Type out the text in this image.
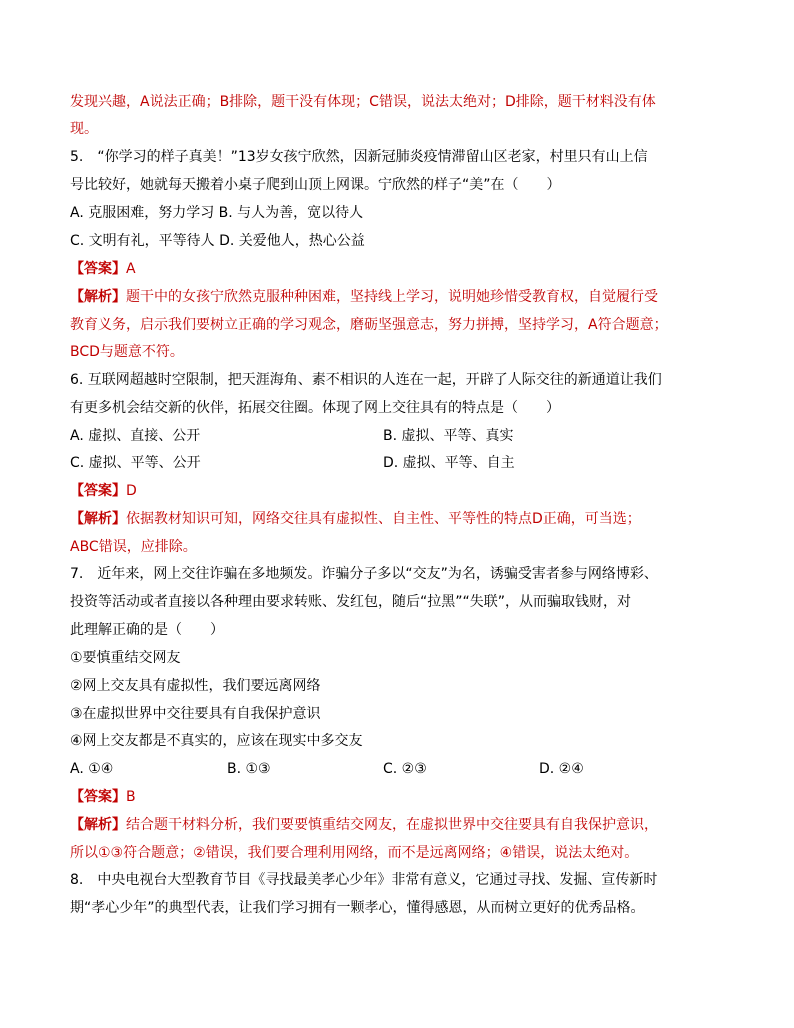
发现兴趣，A说法正确；B排除，题干没有体现；C错误，说法太绝对；D排除，题干材料没有体
现。
5.　“你学习的样子真美！”13岁女孩宁欣然，因新冠肺炎疫情滞留山区老家，村里只有山上信
号比较好，她就每天搬着小桌子爬到山顶上网课。宁欣然的样子“美”在（　　）
A. 克服困难，努力学习 B. 与人为善，宽以待人
C. 文明有礼，平等待人 D. 关爱他人，热心公益
【答案】A
【解析】题干中的女孩宁欣然克服种种困难，坚持线上学习，说明她珍惜受教育权，自觉履行受
教育义务，启示我们要树立正确的学习观念，磨砺坚强意志，努力拼搏，坚持学习，A符合题意；
BCD与题意不符。
6. 互联网超越时空限制，把天涯海角、素不相识的人连在一起，开辟了人际交往的新通道让我们
有更多机会结交新的伙伴，拓展交往圈。体现了网上交往具有的特点是（　　）
A. 虚拟、直接、公开	B. 虚拟、平等、真实
C. 虚拟、平等、公开	D. 虚拟、平等、自主
【答案】D
【解析】依据教材知识可知，网络交往具有虚拟性、自主性、平等性的特点D正确，可当选；
ABC错误，应排除。
7.　近年来，网上交往诈骗在多地频发。诈骗分子多以“交友”为名，诱骗受害者参与网络博彩、
投资等活动或者直接以各种理由要求转账、发红包，随后“拉黑”“失联”，从而骗取钱财，对
此理解正确的是（　　）
①要慎重结交网友
②网上交友具有虚拟性，我们要远离网络
③在虚拟世界中交往要具有自我保护意识
④网上交友都是不真实的，应该在现实中多交友
A. ①④	B. ①③	C. ②③	D. ②④
【答案】B
【解析】结合题干材料分析，我们要要慎重结交网友，在虚拟世界中交往要具有自我保护意识，
所以①③符合题意；②错误，我们要合理利用网络，而不是远离网络；④错误，说法太绝对。
8.　中央电视台大型教育节目《寻找最美孝心少年》非常有意义，它通过寻找、发掘、宣传新时
期“孝心少年”的典型代表，让我们学习拥有一颗孝心，懂得感恩，从而树立更好的优秀品格。
